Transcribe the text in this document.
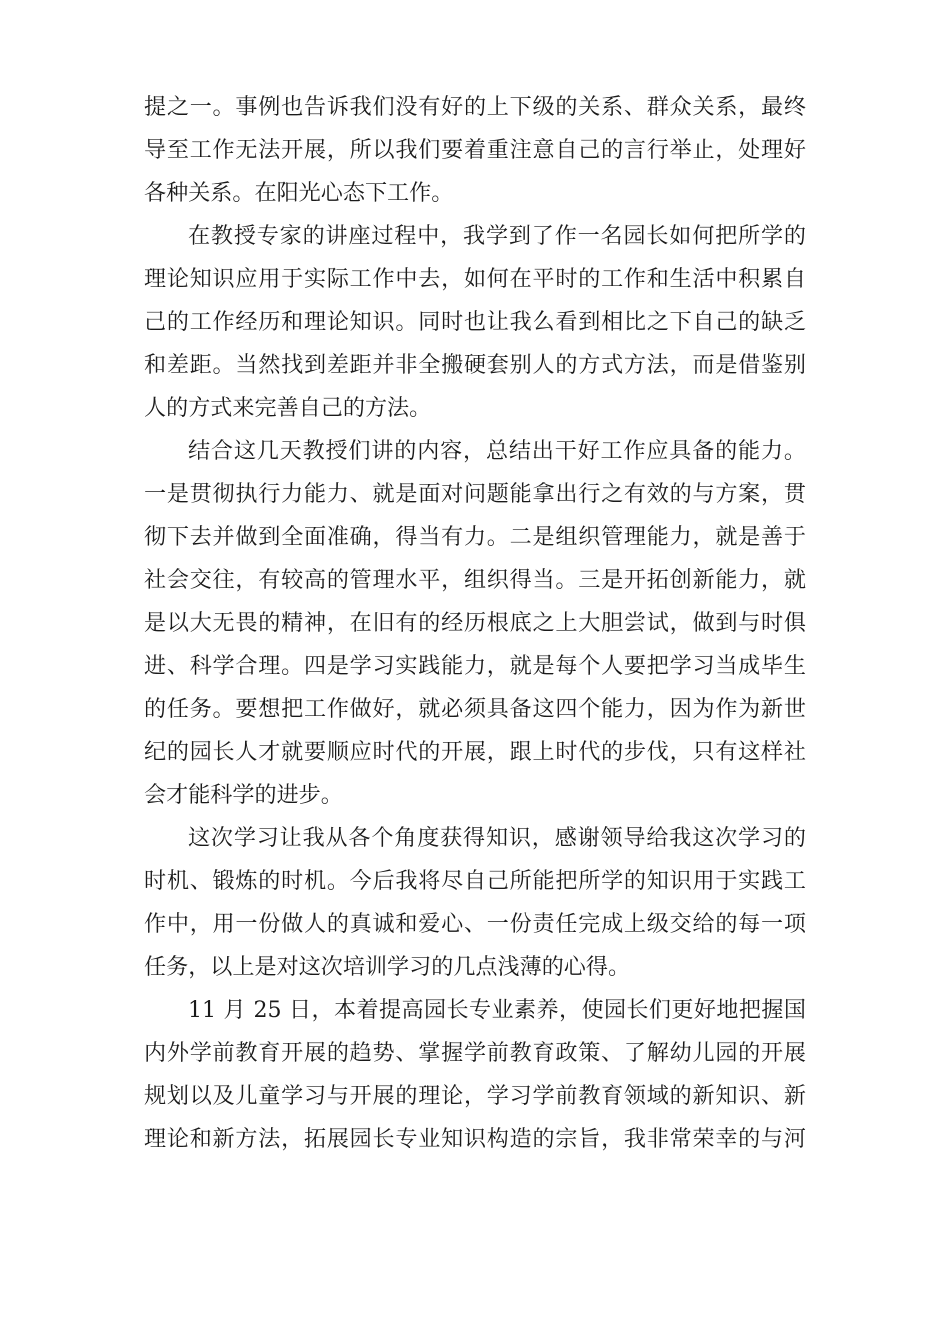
提之一。事例也告诉我们没有好的上下级的关系、群众关系，最终
导至工作无法开展，所以我们要着重注意自己的言行举止，处理好
各种关系。在阳光心态下工作。
在教授专家的讲座过程中，我学到了作一名园长如何把所学的
理论知识应用于实际工作中去，如何在平时的工作和生活中积累自
己的工作经历和理论知识。同时也让我么看到相比之下自己的缺乏
和差距。当然找到差距并非全搬硬套别人的方式方法，而是借鉴别
人的方式来完善自己的方法。
结合这几天教授们讲的内容，总结出干好工作应具备的能力。
一是贯彻执行力能力、就是面对问题能拿出行之有效的与方案，贯
彻下去并做到全面准确，得当有力。二是组织管理能力，就是善于
社会交往，有较高的管理水平，组织得当。三是开拓创新能力，就
是以大无畏的精神，在旧有的经历根底之上大胆尝试，做到与时俱
进、科学合理。四是学习实践能力，就是每个人要把学习当成毕生
的任务。要想把工作做好，就必须具备这四个能力，因为作为新世
纪的园长人才就要顺应时代的开展，跟上时代的步伐，只有这样社
会才能科学的进步。
这次学习让我从各个角度获得知识，感谢领导给我这次学习的
时机、锻炼的时机。今后我将尽自己所能把所学的知识用于实践工
作中，用一份做人的真诚和爱心、一份责任完成上级交给的每一项
任务，以上是对这次培训学习的几点浅薄的心得。
11 月 25 日，本着提高园长专业素养，使园长们更好地把握国
内外学前教育开展的趋势、掌握学前教育政策、了解幼儿园的开展
规划以及儿童学习与开展的理论，学习学前教育领域的新知识、新
理论和新方法，拓展园长专业知识构造的宗旨，我非常荣幸的与河
